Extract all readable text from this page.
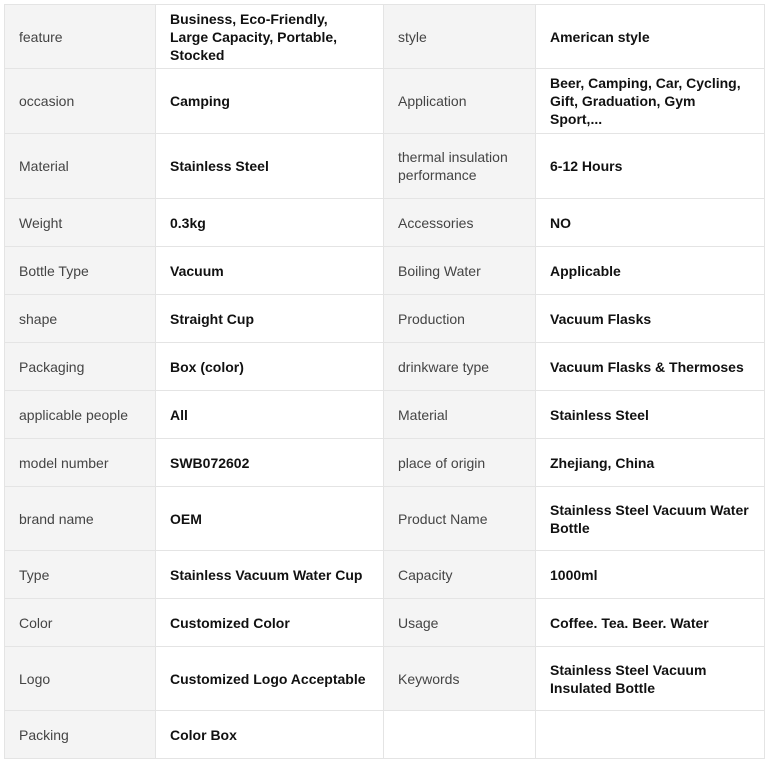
feature	Business, Eco-Friendly, Large Capacity, Portable, Stocked	style	American style
occasion	Camping	Application	Beer, Camping, Car, Cycling, Gift, Graduation, Gym Sport,...
Material	Stainless Steel	thermal insulation performance	6-12 Hours
Weight	0.3kg	Accessories	NO
Bottle Type	Vacuum	Boiling Water	Applicable
shape	Straight Cup	Production	Vacuum Flasks
Packaging	Box (color)	drinkware type	Vacuum Flasks & Thermoses
applicable people	All	Material	Stainless Steel
model number	SWB072602	place of origin	Zhejiang, China
brand name	OEM	Product Name	Stainless Steel Vacuum Water Bottle
Type	Stainless Vacuum Water Cup	Capacity	1000ml
Color	Customized Color	Usage	Coffee. Tea. Beer. Water
Logo	Customized Logo Acceptable	Keywords	Stainless Steel Vacuum Insulated Bottle
Packing	Color Box		
